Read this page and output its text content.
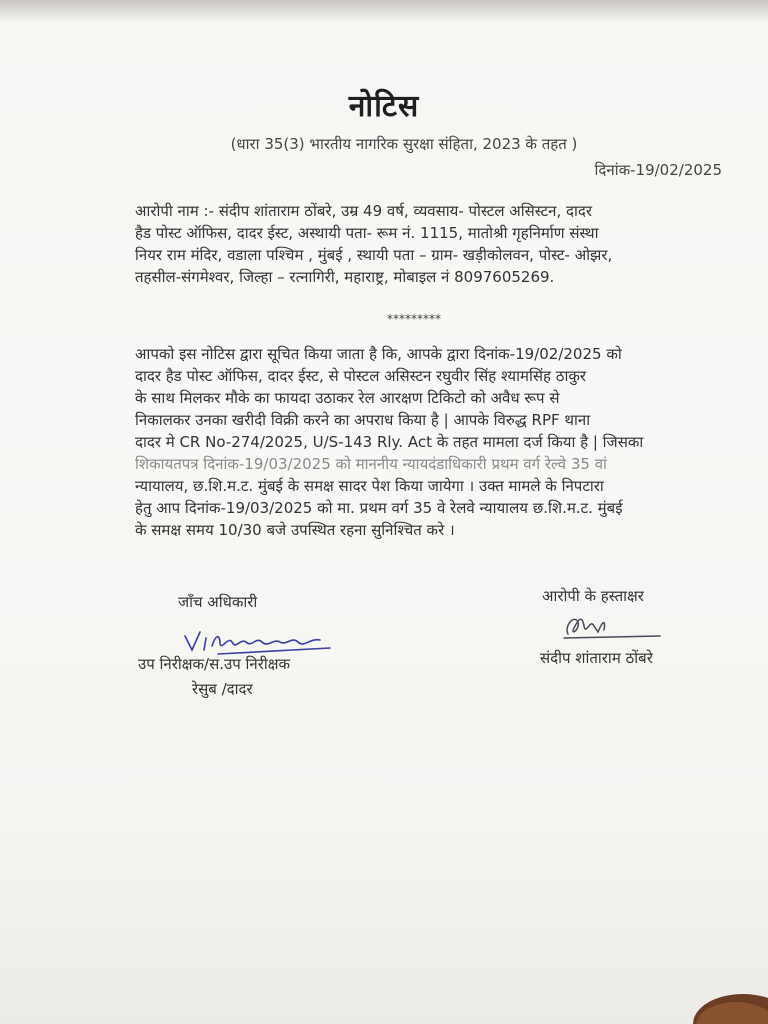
नोटिस
(धारा 35(3) भारतीय नागरिक सुरक्षा संहिता, 2023 के तहत )
दिनांक-19/02/2025
आरोपी नाम :- संदीप शांताराम ठोंबरे, उम्र 49 वर्ष, व्यवसाय- पोस्टल असिस्टन, दादर
हैड पोस्ट ऑफिस, दादर ईस्ट, अस्थायी पता- रूम नं. 1115, मातोश्री गृहनिर्माण संस्था
नियर राम मंदिर, वडाला पश्चिम , मुंबई , स्थायी पता – ग्राम- खड़ीकोलवन, पोस्ट- ओझर,
तहसील-संगमेश्वर, जिल्हा – रत्नागिरी, महाराष्ट्र, मोबाइल नं 8097605269.
*********
आपको इस नोटिस द्वारा सूचित किया जाता है कि, आपके द्वारा दिनांक-19/02/2025 को
दादर हैड पोस्ट ऑफिस, दादर ईस्ट, से पोस्टल असिस्टन रघुवीर सिंह श्यामसिंह ठाकुर
के साथ मिलकर मौके का फायदा उठाकर रेल आरक्षण टिकिटो को अवैध रूप से
निकालकर उनका खरीदी विक्री करने का अपराध किया है | आपके विरुद्ध RPF थाना
दादर मे CR No-274/2025, U/S-143 Rly. Act के तहत मामला दर्ज किया है | जिसका
शिकायतपत्र दिनांक-19/03/2025 को माननीय न्यायदंडाधिकारी प्रथम वर्ग रेल्वे 35 वां
न्यायालय, छ.शि.म.ट. मुंबई के समक्ष सादर पेश किया जायेगा । उक्त मामले के निपटारा
हेतु आप दिनांक-19/03/2025 को मा. प्रथम वर्ग 35 वे रेलवे न्यायालय छ.शि.म.ट. मुंबई
के समक्ष समय 10/30 बजे उपस्थित रहना सुनिश्चित करे ।
जाँच अधिकारी
उप निरीक्षक/स.उप निरीक्षक
रेसुब /दादर
आरोपी के हस्ताक्षर
संदीप शांताराम ठोंबरे
